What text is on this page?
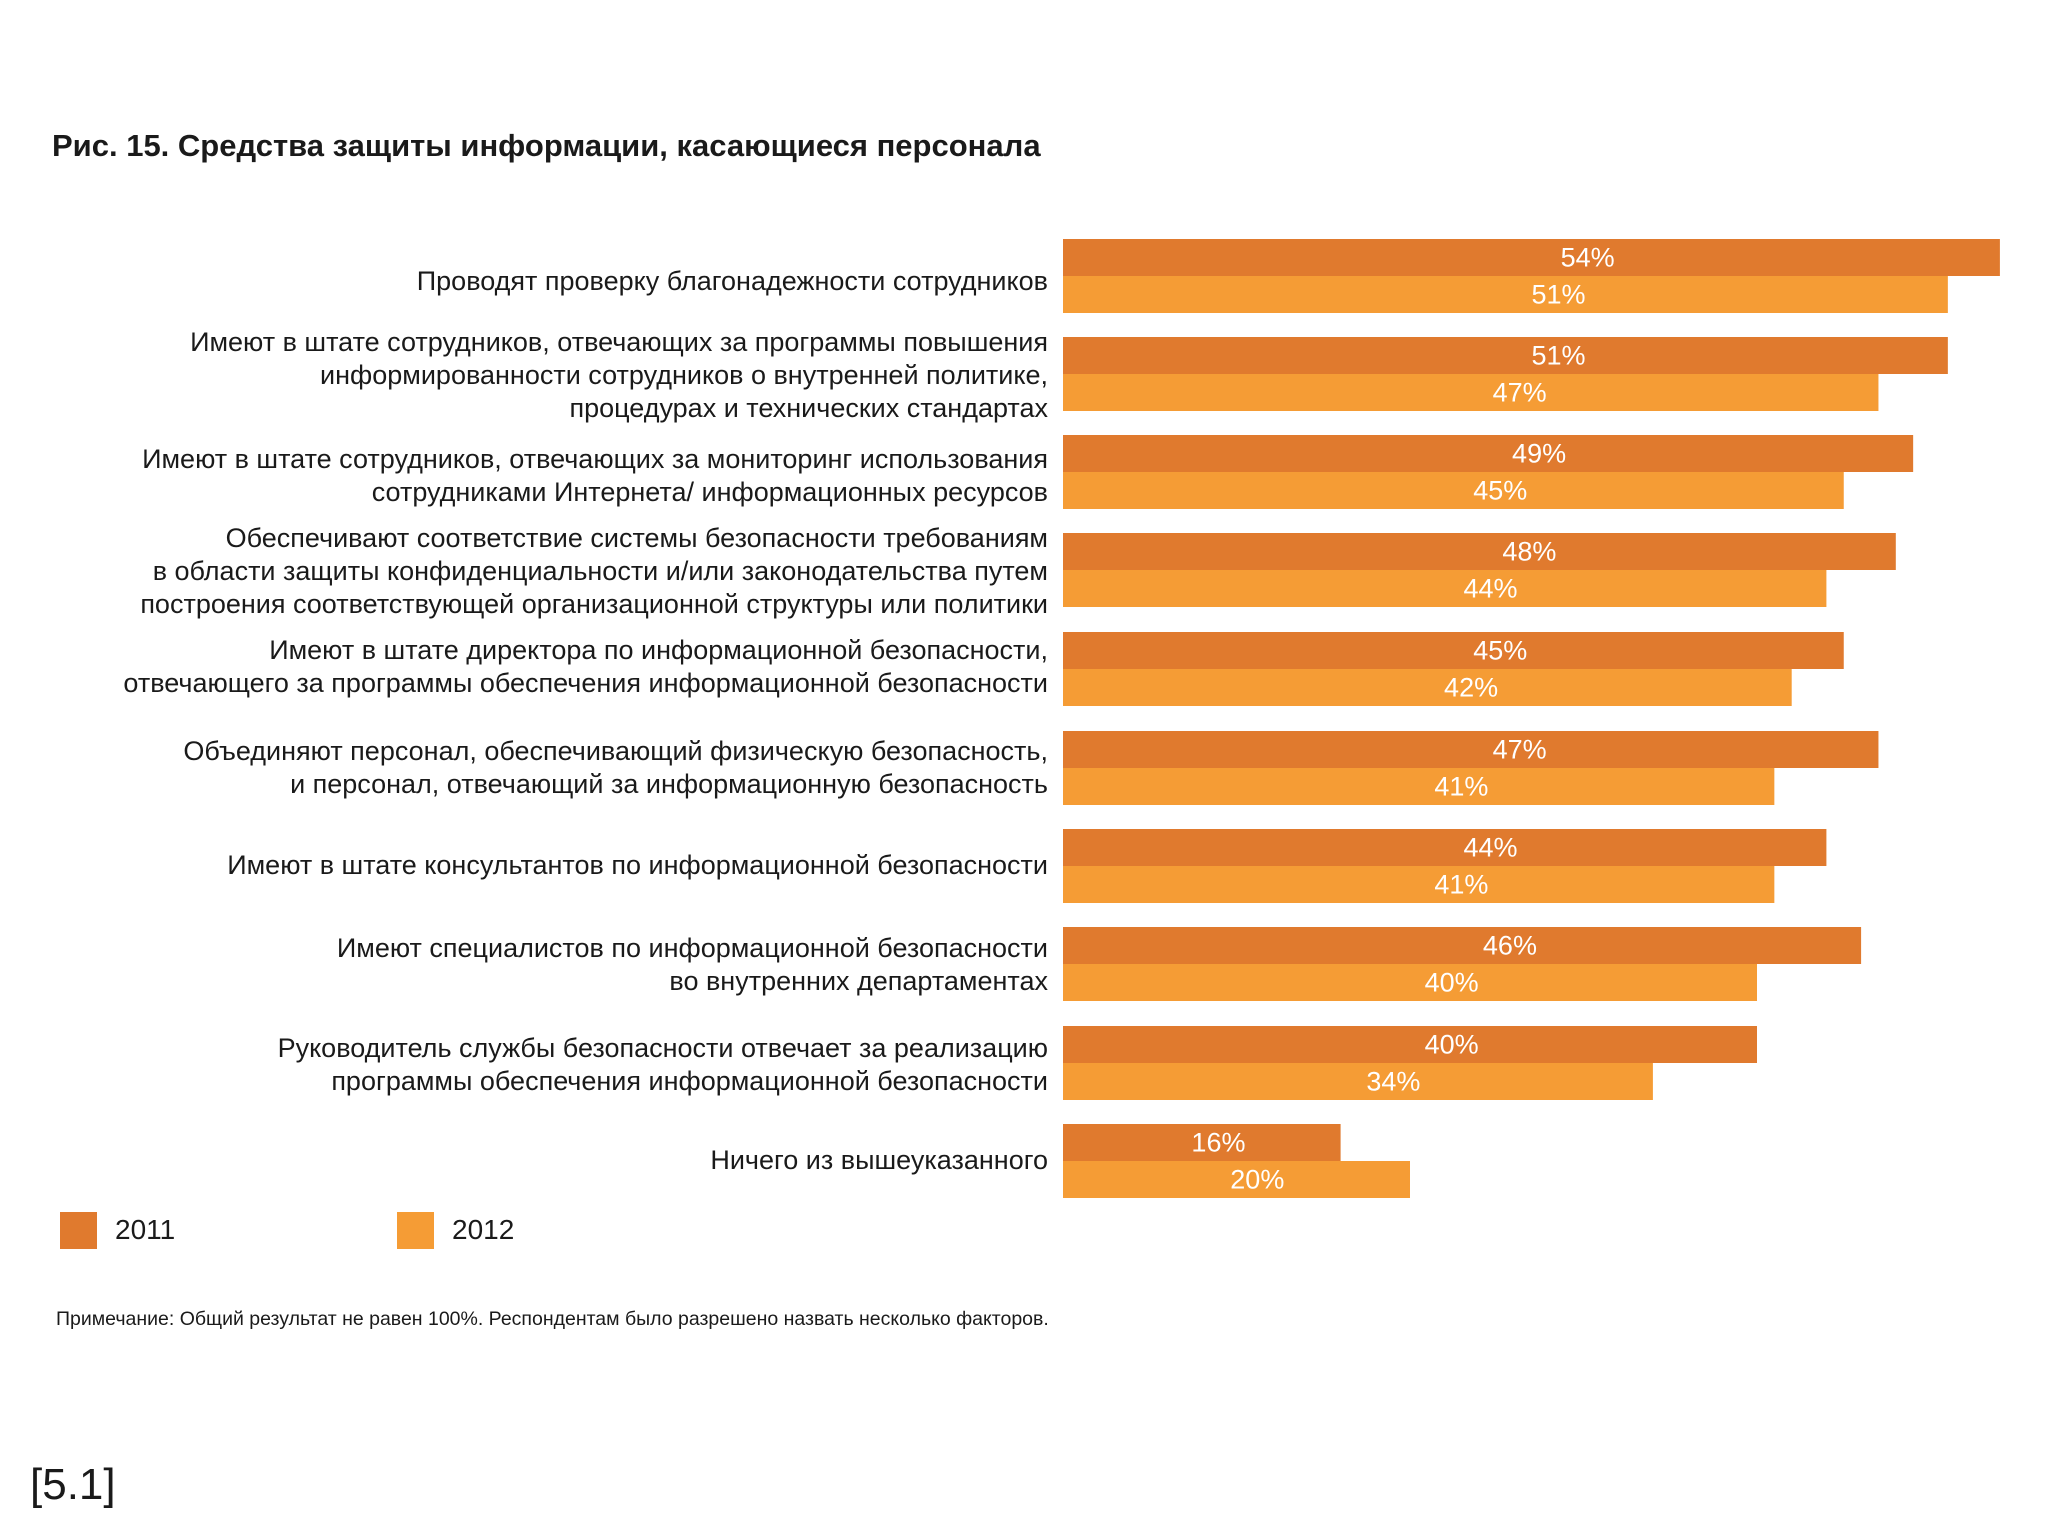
Рис. 15. Средства защиты информации, касающиеся персонала
Проводят проверку благонадежности сотрудников
Имеют в штате сотрудников, отвечающих за программы повышения
информированности сотрудников о внутренней политике,
процедурах и технических стандартах
Имеют в штате сотрудников, отвечающих за мониторинг использования
сотрудниками Интернета/ информационных ресурсов
Обеспечивают соответствие системы безопасности требованиям
в области защиты конфиденциальности и/или законодательства путем
построения соответствующей организационной структуры или политики
Имеют в штате директора по информационной безопасности,
отвечающего за программы обеспечения информационной безопасности
Объединяют персонал, обеспечивающий физическую безопасность,
и персонал, отвечающий за информационную безопасность
Имеют в штате консультантов по информационной безопасности
Имеют специалистов по информационной безопасности
во внутренних департаментах
Руководитель службы безопасности отвечает за реализацию
программы обеспечения информационной безопасности
Ничего из вышеуказанного
54%
51%
51%
47%
49%
45%
48%
44%
45%
42%
47%
41%
44%
41%
46%
40%
40%
34%
16%
20%
2011	2012
Примечание: Общий результат не равен 100%. Респондентам было разрешено назвать несколько факторов.
[5.1]
